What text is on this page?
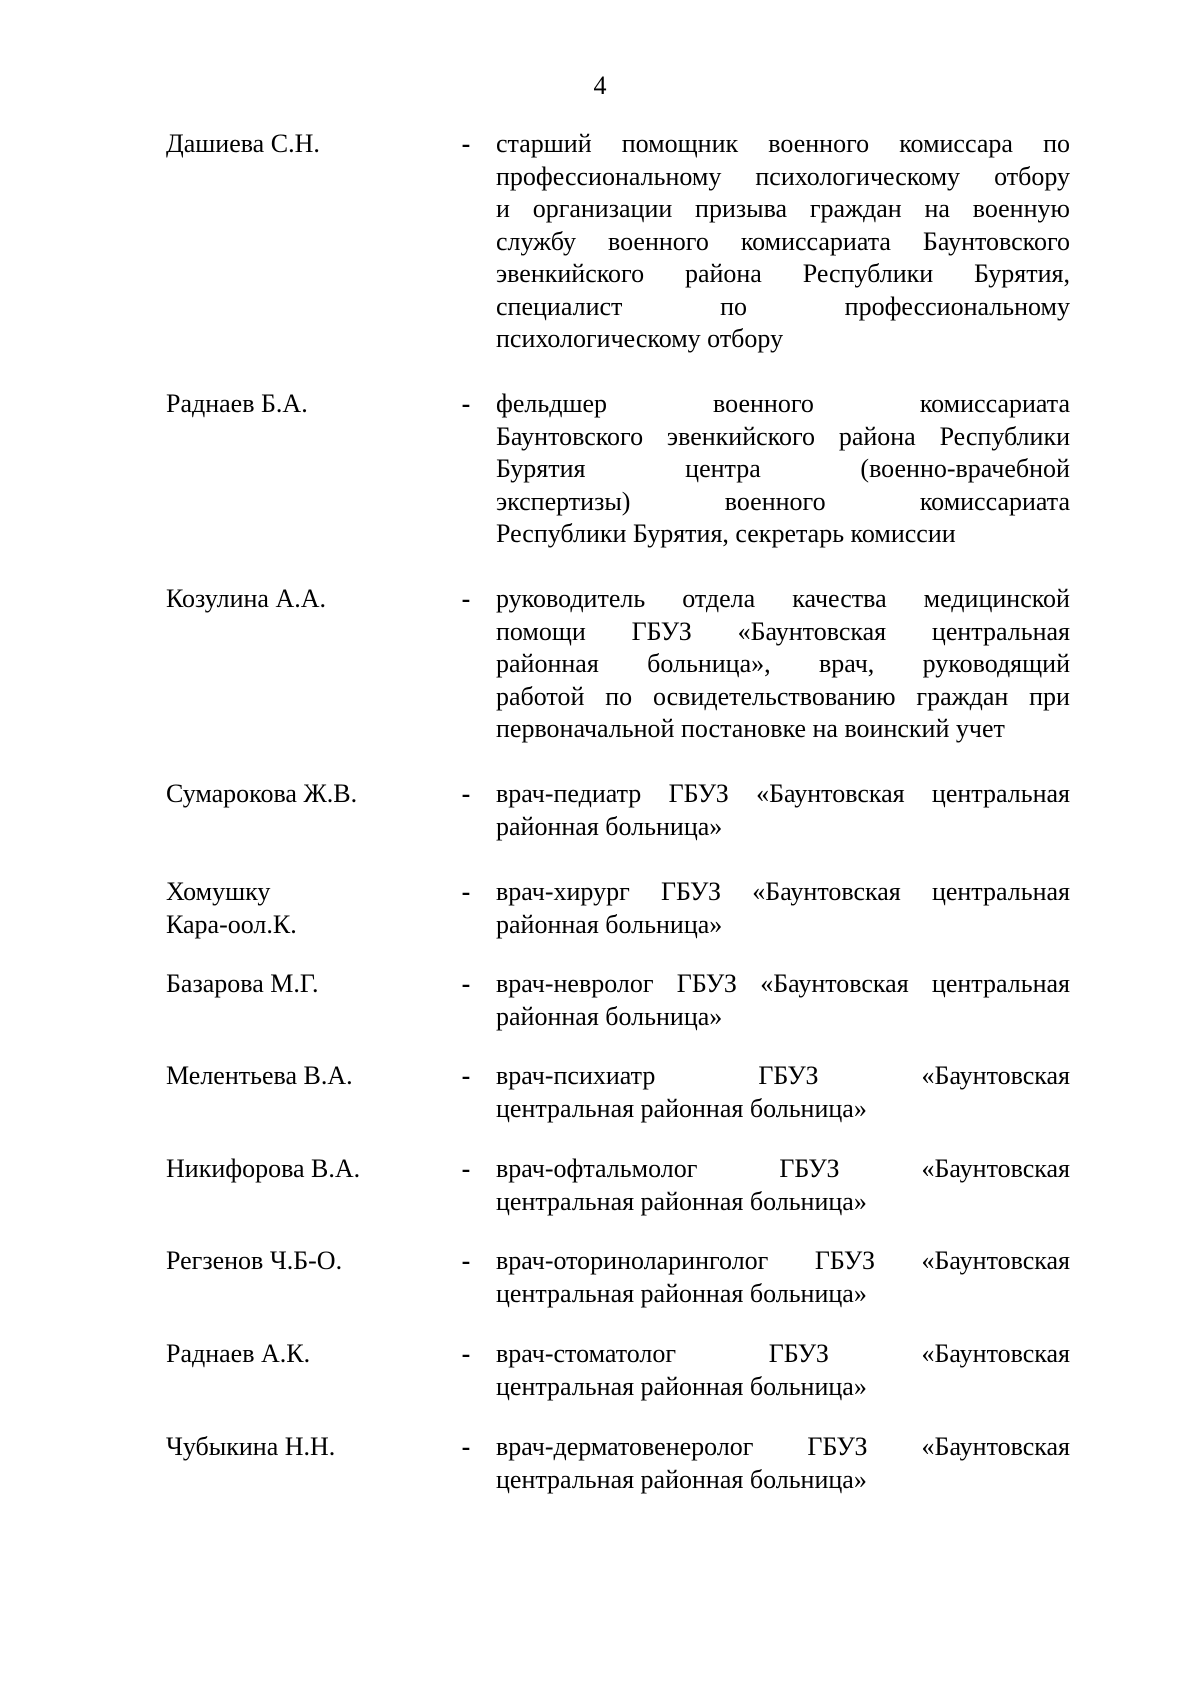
4
Дашиева С.Н.	- старший помощник военного комиссара по
профессиональному психологическому отбору
и организации призыва граждан на военную
службу военного комиссариата Баунтовского
эвенкийского района Республики Бурятия,
специалист	по	профессиональному
психологическому отбору
Раднаев Б.А.	- фельдшер	военного	комиссариата
Баунтовского эвенкийского района Республики
Бурятия	центра	(военно-врачебной
экспертизы)	военного	комиссариата
Республики Бурятия, секретарь комиссии
Козулина А.А.	- руководитель отдела качества медицинской
помощи ГБУЗ «Баунтовская центральная
районная больница», врач, руководящий
работой по освидетельствованию граждан при
первоначальной постановке на воинский учет
Сумарокова Ж.В.	- врач-педиатр ГБУЗ «Баунтовская центральная
районная больница»
Хомушку
Кара-оол.К.
- врач-хирург ГБУЗ «Баунтовская центральная
районная больница»
Базарова М.Г.	- врач-невролог ГБУЗ «Баунтовская центральная
районная больница»
Мелентьева В.А.	- врач-психиатр	ГБУЗ	«Баунтовская
центральная районная больница»
Никифорова В.А.	- врач-офтальмолог	ГБУЗ	«Баунтовская
центральная районная больница»
Регзенов Ч.Б-О.	- врач-оториноларинголог ГБУЗ «Баунтовская
центральная районная больница»
Раднаев А.К.	- врач-стоматолог	ГБУЗ	«Баунтовская
центральная районная больница»
Чубыкина Н.Н.	- врач-дерматовенеролог ГБУЗ «Баунтовская
центральная районная больница»
